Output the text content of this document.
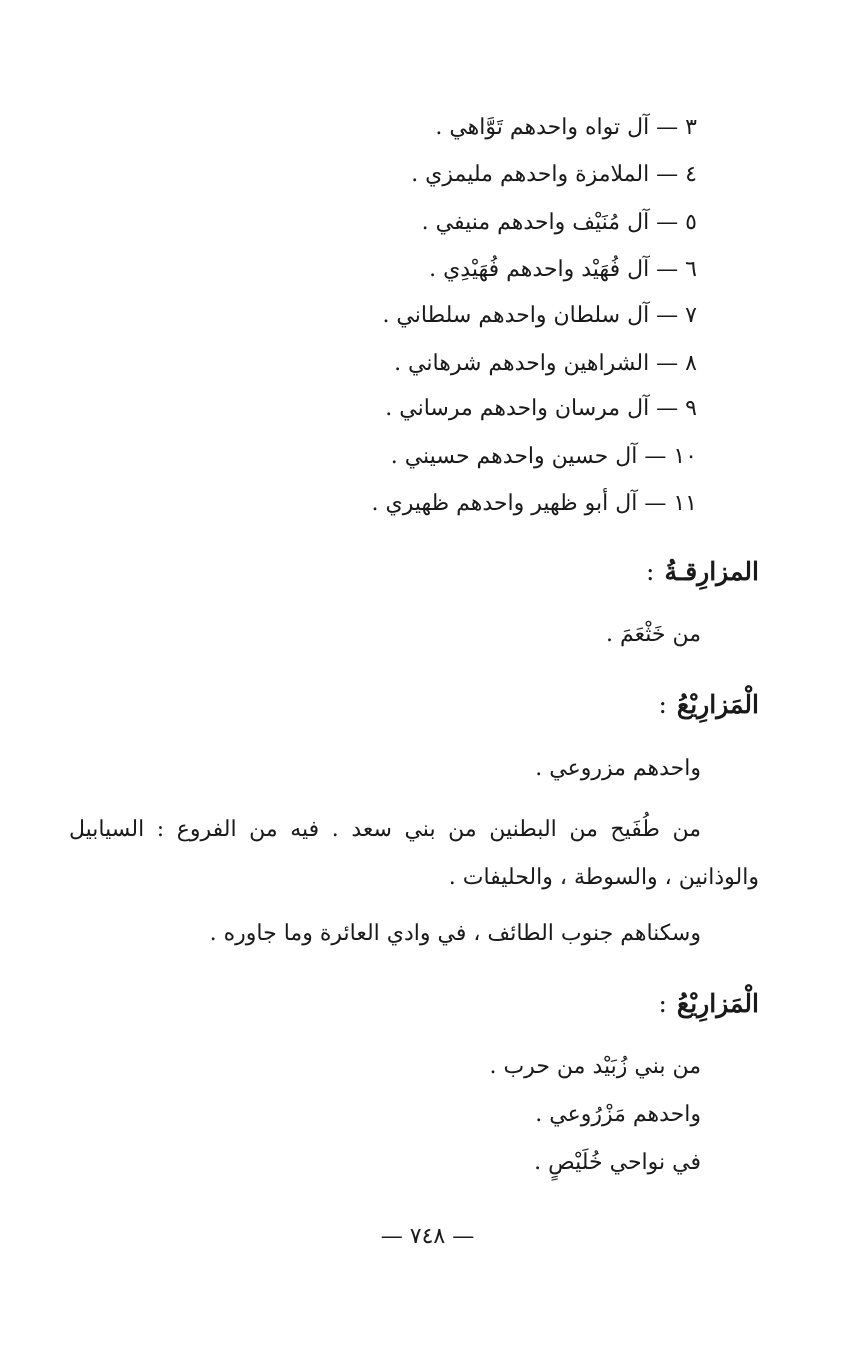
٣ — آل تواه واحدهم تَوَّاهي .
٤ — الملامزة واحدهم مليمزي .
٥ — آل مُنَيْف واحدهم منيفي .
٦ — آل فُهَيْد واحدهم فُهَيْدِي .
٧ — آل سلطان واحدهم سلطاني .
٨ — الشراهين واحدهم شرهاني .
٩ — آل مرسان واحدهم مرساني .
١٠ — آل حسين واحدهم حسيني .
١١ — آل أبو ظهير واحدهم ظهيري .
المزارِقـةُ:
من خَثْعَمَ .
الْمَزارِيْعُ:
واحدهم مزروعي .
من طُفَيح من البطنين من بني سعد . فيه من الفروع : السيابيل والوذانين ، والسوطة ، والحليفات .
وسكناهم جنوب الطائف ، في وادي العائرة وما جاوره .
الْمَزارِيْعُ:
من بني زُبَيْد من حرب .
واحدهم مَزْرُوعي .
في نواحي خُلَيْصٍ .
— ٧٤٨ —
